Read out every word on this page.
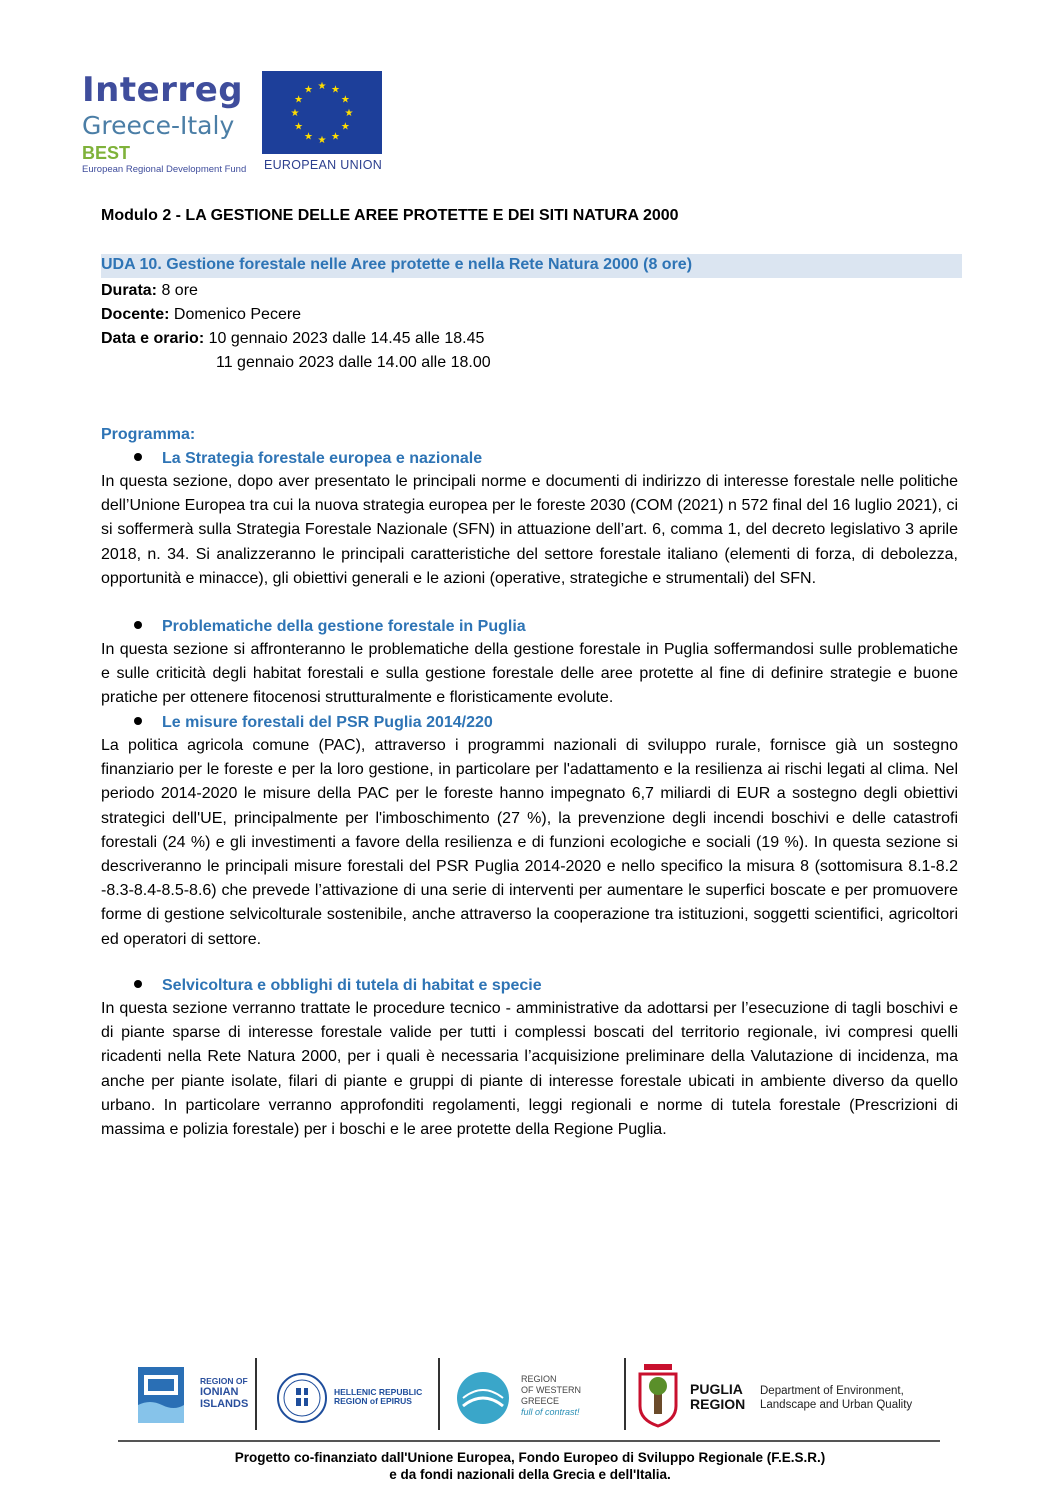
Interreg
Greece-Italy
BEST
European Regional Development Fund
★ ★
★
★
★
★
★
★
★
★
★
★
EUROPEAN UNION
Modulo 2 - LA GESTIONE DELLE AREE PROTETTE E DEI SITI NATURA 2000
UDA 10. Gestione forestale nelle Aree protette e nella Rete Natura 2000 (8 ore)
Durata: 8 ore
Docente: Domenico Pecere
Data e orario: 10 gennaio 2023 dalle 14.45 alle 18.45
11 gennaio 2023 dalle 14.00 alle 18.00
Programma:
La Strategia forestale europea e nazionale

In questa sezione, dopo aver presentato le principali norme e documenti di indirizzo di interesse forestale nelle politiche dell’Unione Europea tra cui la nuova strategia europea per le foreste 2030 (COM (2021) n 572 final del 16 luglio 2021), ci si soffermerà sulla Strategia Forestale Nazionale (SFN) in attuazione dell’art. 6, comma 1, del decreto legislativo 3 aprile 2018, n. 34. Si analizzeranno le principali caratteristiche del settore forestale italiano (elementi di forza, di debolezza, opportunità e minacce), gli obiettivi generali e le azioni (operative, strategiche e strumentali) del SFN.

Problematiche della gestione forestale in Puglia

In questa sezione si affronteranno le problematiche della gestione forestale in Puglia soffermandosi sulle problematiche e sulle criticità degli habitat forestali e sulla gestione forestale delle aree protette al fine di definire strategie e buone pratiche per ottenere fitocenosi strutturalmente e floristicamente evolute.

Le misure forestali del PSR Puglia 2014/220

La politica agricola comune (PAC), attraverso i programmi nazionali di sviluppo rurale, fornisce già un sostegno finanziario per le foreste e per la loro gestione, in particolare per l'adattamento e la resilienza ai rischi legati al clima. Nel periodo 2014-2020 le misure della PAC per le foreste hanno impegnato 6,7 miliardi di EUR a sostegno degli obiettivi strategici dell'UE, principalmente per l'imboschimento (27 %), la prevenzione degli incendi boschivi e delle catastrofi forestali (24 %) e gli investimenti a favore della resilienza e di funzioni ecologiche e sociali (19 %). In questa sezione si descriveranno le principali misure forestali del PSR Puglia 2014-2020 e nello specifico la misura 8 (sottomisura 8.1-8.2 -8.3-8.4-8.5-8.6) che prevede l’attivazione di una serie di interventi per aumentare le superfici boscate e per promuovere forme di gestione selvicolturale sostenibile, anche attraverso la cooperazione tra istituzioni, soggetti scientifici, agricoltori ed operatori di settore.

Selvicoltura e obblighi di tutela di habitat e specie

In questa sezione verranno trattate le procedure tecnico - amministrative da adottarsi per l’esecuzione di tagli boschivi e di piante sparse di interesse forestale valide per tutti i complessi boscati del territorio regionale, ivi compresi quelli ricadenti nella Rete Natura 2000, per i quali è necessaria l’acquisizione preliminare della Valutazione di incidenza, ma anche per piante isolate, filari di piante e gruppi di piante di interesse forestale ubicati in ambiente diverso da quello urbano. In particolare verranno approfonditi regolamenti, leggi regionali e norme di tutela forestale (Prescrizioni di massima e polizia forestale) per i boschi e le aree protette della Regione Puglia.

REGION OF
IONIAN
ISLANDS
HELLENIC REPUBLIC
REGION of EPIRUS
REGION
OF WESTERN
GREECE
full of contrast!
PUGLIA
REGION
Department of Environment,
Landscape and Urban Quality
Progetto co-finanziato dall'Unione Europea, Fondo Europeo di Sviluppo Regionale (F.E.S.R.)
e da fondi nazionali della Grecia e dell'Italia.
